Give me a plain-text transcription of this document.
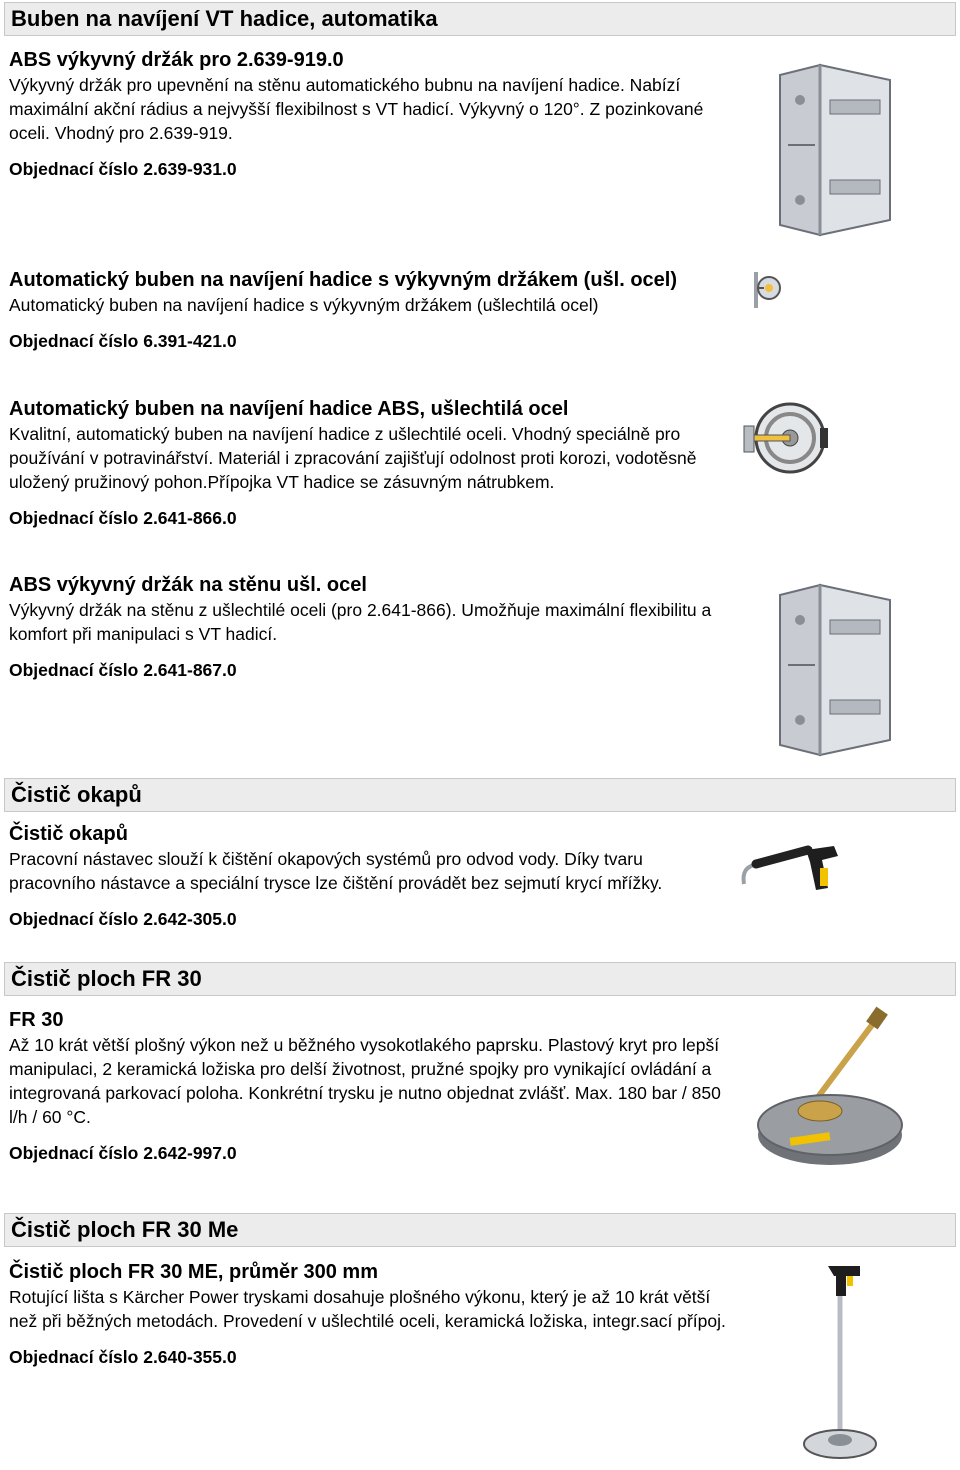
Buben na navíjení VT hadice, automatika
ABS výkyvný držák pro 2.639-919.0
Výkyvný držák pro upevnění na stěnu automatického bubnu na navíjení hadice. Nabízí maximální akční rádius a nejvyšší flexibilnost s VT hadicí. Výkyvný o 120°. Z pozinkované oceli. Vhodný pro 2.639-919.
Objednací číslo 2.639-931.0
Automatický buben na navíjení hadice s výkyvným držákem (ušl. ocel)
Automatický buben na navíjení hadice s výkyvným držákem (ušlechtilá ocel)
Objednací číslo 6.391-421.0
Automatický buben na navíjení hadice ABS, ušlechtilá ocel
Kvalitní, automatický buben na navíjení hadice z ušlechtilé oceli. Vhodný speciálně pro používání v potravinářství. Materiál i zpracování zajišťují odolnost proti korozi, vodotěsně uložený pružinový pohon.Přípojka VT hadice se zásuvným nátrubkem.
Objednací číslo 2.641-866.0
ABS výkyvný držák na stěnu ušl. ocel
Výkyvný držák na stěnu z ušlechtilé oceli (pro 2.641-866). Umožňuje maximální flexibilitu a komfort při manipulaci s VT hadicí.
Objednací číslo 2.641-867.0
Čistič okapů
Čistič okapů
Pracovní nástavec slouží k čištění okapových systémů pro odvod vody. Díky tvaru pracovního nástavce a speciální trysce lze čištění provádět bez sejmutí krycí mřížky.
Objednací číslo 2.642-305.0
Čistič ploch FR 30
FR 30
Až 10 krát větší plošný výkon než u běžného vysokotlakého paprsku. Plastový kryt pro lepší manipulaci, 2 keramická ložiska pro delší životnost, pružné spojky pro vynikající ovládání a integrovaná parkovací poloha. Konkrétní trysku je nutno objednat zvlášť. Max. 180 bar / 850 l/h / 60 °C.
Objednací číslo 2.642-997.0
Čistič ploch FR 30 Me
Čistič ploch FR 30 ME, průměr 300 mm
Rotující lišta s Kärcher Power tryskami dosahuje plošného výkonu, který je až 10 krát větší než při běžných metodách. Provedení v ušlechtilé oceli, keramická ložiska, integr.sací přípoj.
Objednací číslo 2.640-355.0
